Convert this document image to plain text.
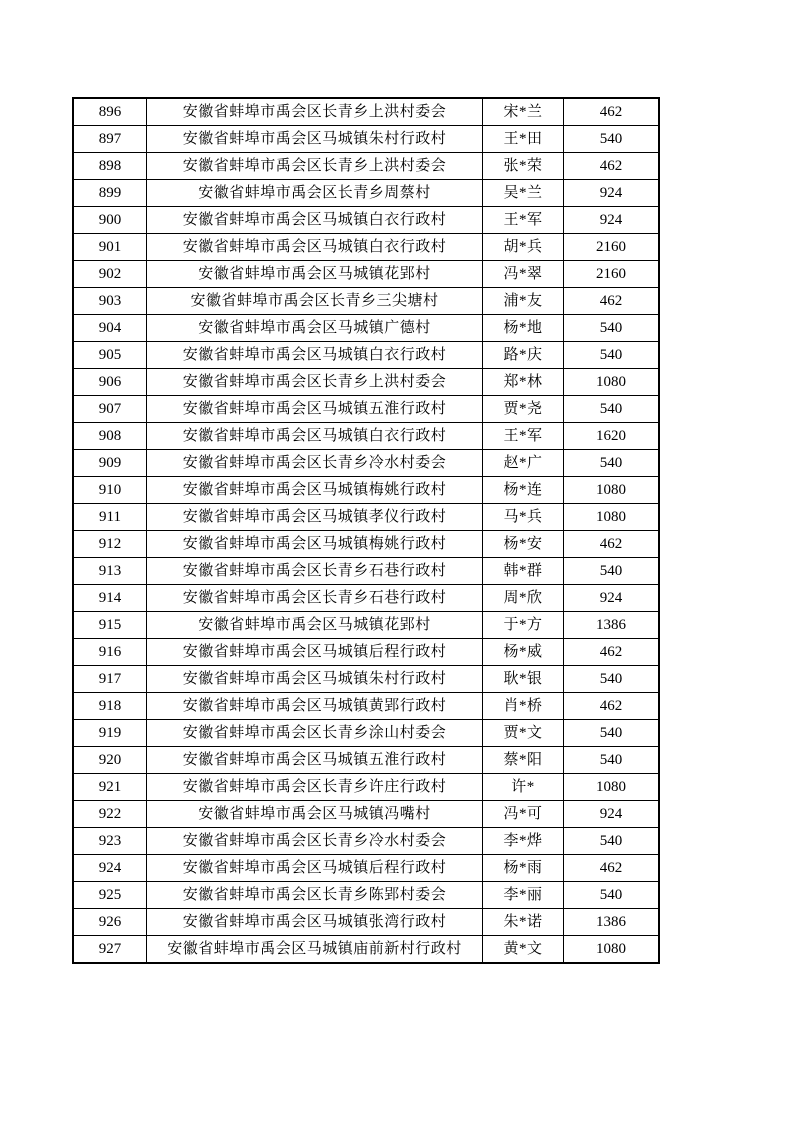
896	安徽省蚌埠市禹会区长青乡上洪村委会	宋*兰	462
897	安徽省蚌埠市禹会区马城镇朱村行政村	王*田	540
898	安徽省蚌埠市禹会区长青乡上洪村委会	张*荣	462
899	安徽省蚌埠市禹会区长青乡周蔡村	吴*兰	924
900	安徽省蚌埠市禹会区马城镇白衣行政村	王*军	924
901	安徽省蚌埠市禹会区马城镇白衣行政村	胡*兵	2160
902	安徽省蚌埠市禹会区马城镇花郢村	冯*翠	2160
903	安徽省蚌埠市禹会区长青乡三尖塘村	浦*友	462
904	安徽省蚌埠市禹会区马城镇广德村	杨*地	540
905	安徽省蚌埠市禹会区马城镇白衣行政村	路*庆	540
906	安徽省蚌埠市禹会区长青乡上洪村委会	郑*林	1080
907	安徽省蚌埠市禹会区马城镇五淮行政村	贾*尧	540
908	安徽省蚌埠市禹会区马城镇白衣行政村	王*军	1620
909	安徽省蚌埠市禹会区长青乡冷水村委会	赵*广	540
910	安徽省蚌埠市禹会区马城镇梅姚行政村	杨*连	1080
911	安徽省蚌埠市禹会区马城镇孝仪行政村	马*兵	1080
912	安徽省蚌埠市禹会区马城镇梅姚行政村	杨*安	462
913	安徽省蚌埠市禹会区长青乡石巷行政村	韩*群	540
914	安徽省蚌埠市禹会区长青乡石巷行政村	周*欣	924
915	安徽省蚌埠市禹会区马城镇花郢村	于*方	1386
916	安徽省蚌埠市禹会区马城镇后程行政村	杨*威	462
917	安徽省蚌埠市禹会区马城镇朱村行政村	耿*银	540
918	安徽省蚌埠市禹会区马城镇黄郢行政村	肖*桥	462
919	安徽省蚌埠市禹会区长青乡涂山村委会	贾*文	540
920	安徽省蚌埠市禹会区马城镇五淮行政村	蔡*阳	540
921	安徽省蚌埠市禹会区长青乡许庄行政村	许*	1080
922	安徽省蚌埠市禹会区马城镇冯嘴村	冯*可	924
923	安徽省蚌埠市禹会区长青乡冷水村委会	李*烨	540
924	安徽省蚌埠市禹会区马城镇后程行政村	杨*雨	462
925	安徽省蚌埠市禹会区长青乡陈郢村委会	李*丽	540
926	安徽省蚌埠市禹会区马城镇张湾行政村	朱*诺	1386
927	安徽省蚌埠市禹会区马城镇庙前新村行政村	黄*文	1080
